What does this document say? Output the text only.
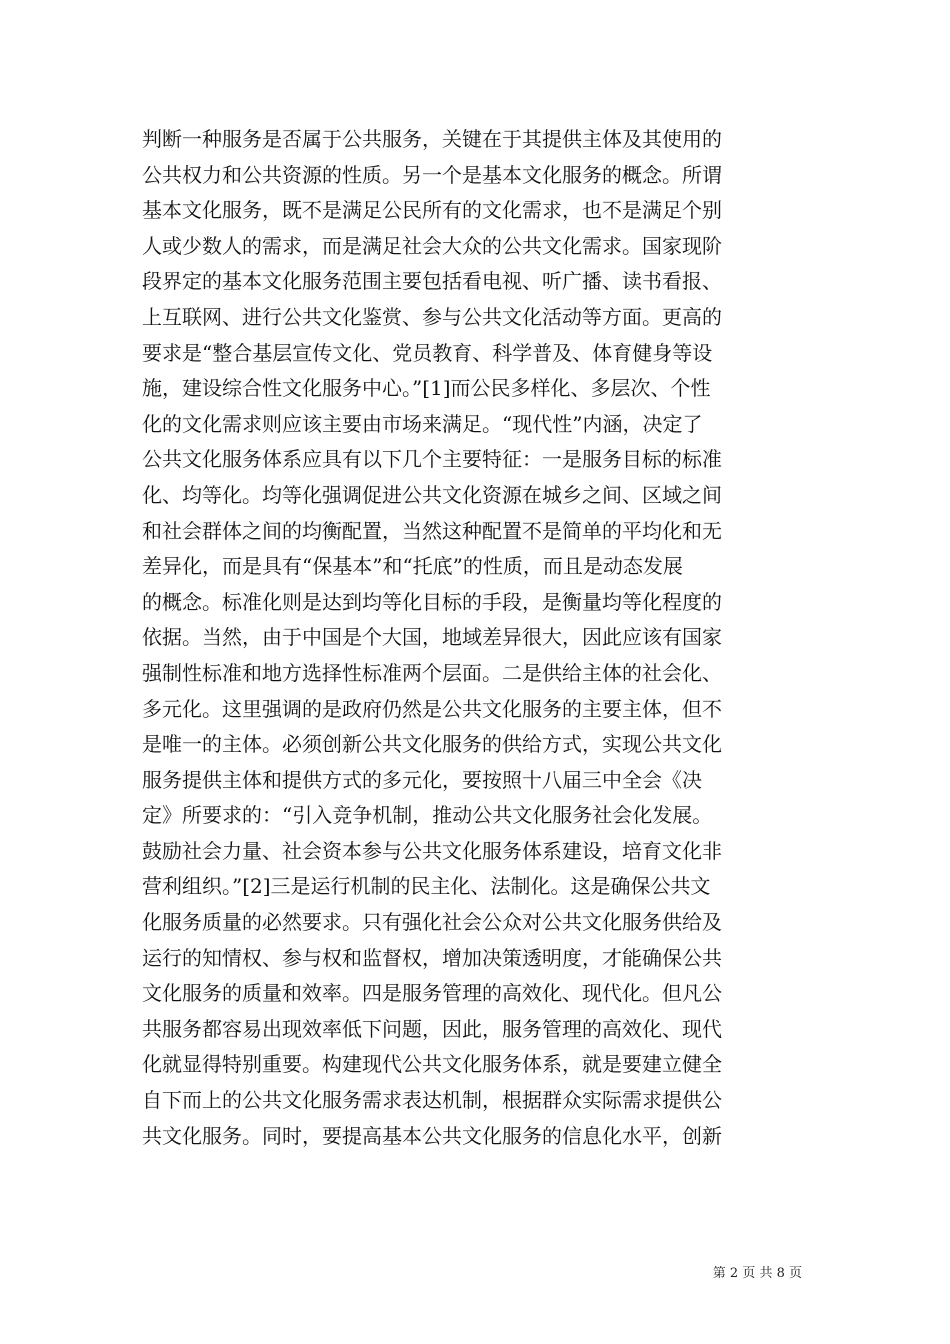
判断一种服务是否属于公共服务，关键在于其提供主体及其使用的
公共权力和公共资源的性质。另一个是基本文化服务的概念。所谓
基本文化服务，既不是满足公民所有的文化需求，也不是满足个别
人或少数人的需求，而是满足社会大众的公共文化需求。国家现阶
段界定的基本文化服务范围主要包括看电视、听广播、读书看报、
上互联网、进行公共文化鉴赏、参与公共文化活动等方面。更高的
要求是“整合基层宣传文化、党员教育、科学普及、体育健身等设
施，建设综合性文化服务中心。”[1]而公民多样化、多层次、个性
化的文化需求则应该主要由市场来满足。“现代性”内涵，决定了
公共文化服务体系应具有以下几个主要特征：一是服务目标的标准
化、均等化。均等化强调促进公共文化资源在城乡之间、区域之间
和社会群体之间的均衡配置，当然这种配置不是简单的平均化和无
差异化，而是具有“保基本”和“托底”的性质，而且是动态发展
的概念。标准化则是达到均等化目标的手段，是衡量均等化程度的
依据。当然，由于中国是个大国，地域差异很大，因此应该有国家
强制性标准和地方选择性标准两个层面。二是供给主体的社会化、
多元化。这里强调的是政府仍然是公共文化服务的主要主体，但不
是唯一的主体。必须创新公共文化服务的供给方式，实现公共文化
服务提供主体和提供方式的多元化，要按照十八届三中全会《决
定》所要求的：“引入竞争机制，推动公共文化服务社会化发展。
鼓励社会力量、社会资本参与公共文化服务体系建设，培育文化非
营利组织。”[2]三是运行机制的民主化、法制化。这是确保公共文
化服务质量的必然要求。只有强化社会公众对公共文化服务供给及
运行的知情权、参与权和监督权，增加决策透明度，才能确保公共
文化服务的质量和效率。四是服务管理的高效化、现代化。但凡公
共服务都容易出现效率低下问题，因此，服务管理的高效化、现代
化就显得特别重要。构建现代公共文化服务体系，就是要建立健全
自下而上的公共文化服务需求表达机制，根据群众实际需求提供公
共文化服务。同时，要提高基本公共文化服务的信息化水平，创新
第 2 页 共 8 页
